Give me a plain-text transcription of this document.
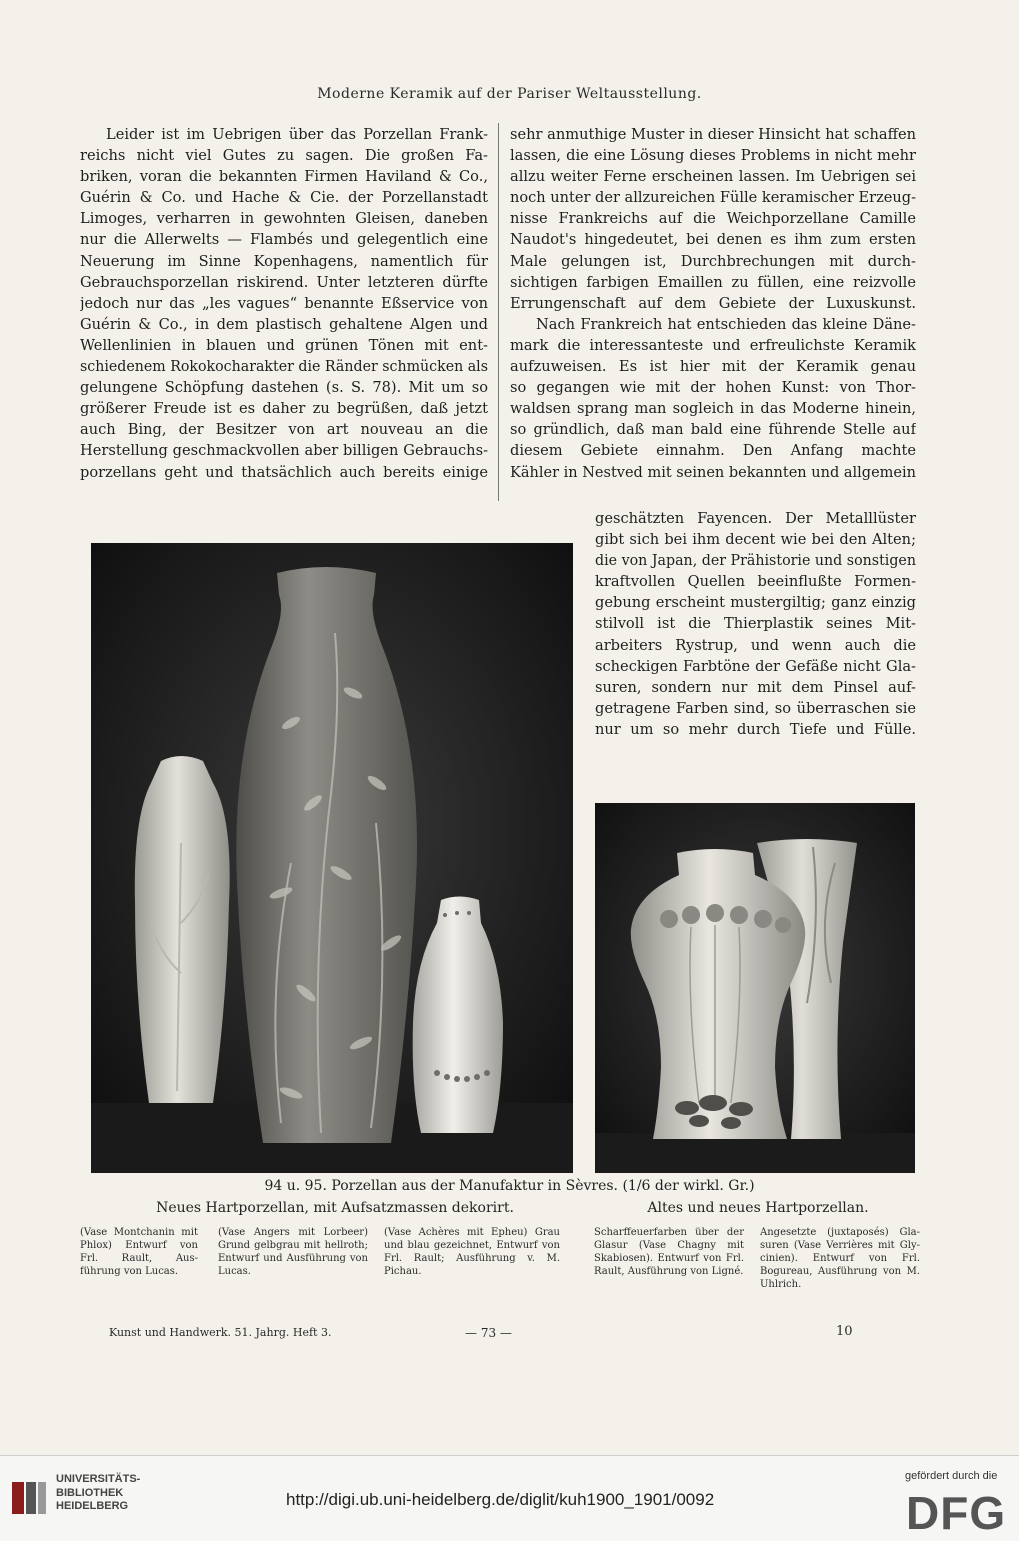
Moderne Keramik auf der Pariser Weltausstellung.
Leider ist im Uebrigen über das Porzellan Frank-
reichs nicht viel Gutes zu sagen. Die großen Fa-
briken, voran die bekannten Firmen Haviland & Co.,
Guérin & Co. und Hache & Cie. der Porzellanstadt
Limoges, verharren in gewohnten Gleisen, daneben
nur die Allerwelts — Flambés und gelegentlich eine
Neuerung im Sinne Kopenhagens, namentlich für
Gebrauchsporzellan riskirend. Unter letzteren dürfte
jedoch nur das „les vagues“ benannte Eßservice von
Guérin & Co., in dem plastisch gehaltene Algen und
Wellenlinien in blauen und grünen Tönen mit ent-
schiedenem Rokokocharakter die Ränder schmücken als
gelungene Schöpfung dastehen (s. S. 78). Mit um so
größerer Freude ist es daher zu begrüßen, daß jetzt
auch Bing, der Besitzer von art nouveau an die
Herstellung geschmackvollen aber billigen Gebrauchs-
porzellans geht und thatsächlich auch bereits einige
sehr anmuthige Muster in dieser Hinsicht hat schaffen
lassen, die eine Lösung dieses Problems in nicht mehr
allzu weiter Ferne erscheinen lassen. Im Uebrigen sei
noch unter der allzureichen Fülle keramischer Erzeug-
nisse Frankreichs auf die Weichporzellane Camille
Naudot's hingedeutet, bei denen es ihm zum ersten
Male gelungen ist, Durchbrechungen mit durch-
sichtigen farbigen Emaillen zu füllen, eine reizvolle
Errungenschaft auf dem Gebiete der Luxuskunst.
Nach Frankreich hat entschieden das kleine Däne-
mark die interessanteste und erfreulichste Keramik
aufzuweisen. Es ist hier mit der Keramik genau
so gegangen wie mit der hohen Kunst: von Thor-
waldsen sprang man sogleich in das Moderne hinein,
so gründlich, daß man bald eine führende Stelle auf
diesem Gebiete einnahm. Den Anfang machte
Kähler in Nestved mit seinen bekannten und allgemein
geschätzten Fayencen. Der Metalllüster
gibt sich bei ihm decent wie bei den Alten;
die von Japan, der Prähistorie und sonstigen
kraftvollen Quellen beeinflußte Formen-
gebung erscheint mustergiltig; ganz einzig
stilvoll ist die Thierplastik seines Mit-
arbeiters Rystrup, und wenn auch die
scheckigen Farbtöne der Gefäße nicht Gla-
suren, sondern nur mit dem Pinsel auf-
getragene Farben sind, so überraschen sie
nur um so mehr durch Tiefe und Fülle.
94 u. 95. Porzellan aus der Manufaktur in Sèvres. (1/6 der wirkl. Gr.)
Neues Hartporzellan, mit Aufsatzmassen dekorirt.	Altes und neues Hartporzellan.
(Vase Montchanin mit Phlox) Entwurf von Frl. Rault, Aus- führung von Lucas.
(Vase Angers mit Lorbeer) Grund gelbgrau mit hellroth; Entwurf und Ausführung von Lucas.
(Vase Achères mit Epheu) Grau und blau gezeichnet, Entwurf von Frl. Rault; Ausführung v. M. Pichau.
Scharffeuerfarben über der Glasur (Vase Chagny mit Skabiosen). Entwurf von Frl. Rault, Ausführung von Ligné.
Angesetzte (juxtaposés) Gla- suren (Vase Verrières mit Gly- cinien). Entwurf von Frl. Bogureau, Ausführung von M. Uhlrich.
Kunst und Handwerk. 51. Jahrg. Heft 3.	— 73 —	10
UNIVERSITÄTS-
BIBLIOTHEK
HEIDELBERG	http://digi.ub.uni-heidelberg.de/diglit/kuh1900_1901/0092
gefördert durch die
DFG
